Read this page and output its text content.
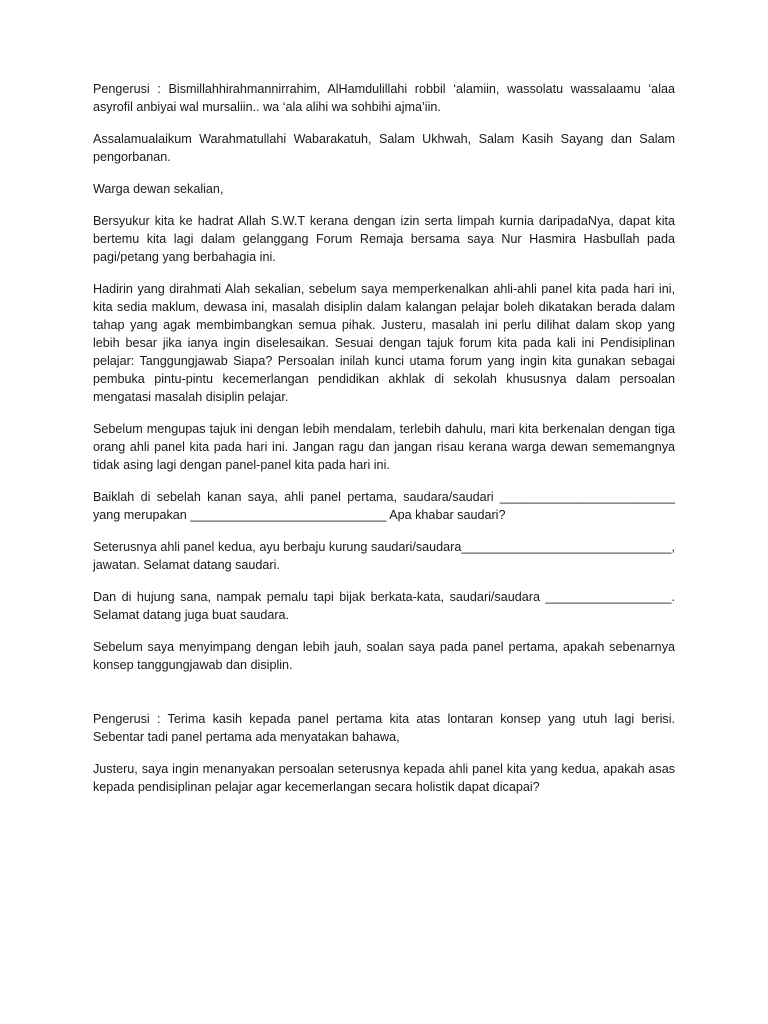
Pengerusi : Bismillahhirahmannirrahim, AlHamdulillahi robbil ‘alamiin, wassolatu wassalaamu ‘alaa asyrofil anbiyai wal mursaliin.. wa ‘ala alihi wa sohbihi ajma’iin.

Assalamualaikum Warahmatullahi Wabarakatuh, Salam Ukhwah, Salam Kasih Sayang dan Salam pengorbanan.

Warga dewan sekalian,

Bersyukur kita ke hadrat Allah S.W.T kerana dengan izin serta limpah kurnia daripadaNya, dapat kita bertemu kita lagi dalam gelanggang Forum Remaja bersama saya Nur Hasmira Hasbullah pada pagi/petang yang berbahagia ini.

Hadirin yang dirahmati Alah sekalian, sebelum saya memperkenalkan ahli-ahli panel kita pada hari ini, kita sedia maklum, dewasa ini, masalah disiplin dalam kalangan pelajar boleh dikatakan berada dalam tahap yang agak membimbangkan semua pihak. Justeru, masalah ini perlu dilihat dalam skop yang lebih besar jika ianya ingin diselesaikan. Sesuai dengan tajuk forum kita pada kali ini Pendisiplinan pelajar: Tanggungjawab Siapa? Persoalan inilah kunci utama forum yang ingin kita gunakan sebagai pembuka pintu-pintu kecemerlangan pendidikan akhlak di sekolah khususnya dalam persoalan mengatasi masalah disiplin pelajar.

Sebelum mengupas tajuk ini dengan lebih mendalam, terlebih dahulu, mari kita berkenalan dengan tiga orang ahli panel kita pada hari ini. Jangan ragu dan jangan risau kerana warga dewan sememangnya tidak asing lagi dengan panel-panel kita pada hari ini.

Baiklah di sebelah kanan saya, ahli panel pertama, saudara/saudari _________________________ yang merupakan ____________________________ Apa khabar saudari?

Seterusnya ahli panel kedua, ayu berbaju kurung saudari/saudara______________________________, jawatan. Selamat datang saudari.

Dan di hujung sana, nampak pemalu tapi bijak berkata-kata, saudari/saudara __________________. Selamat datang juga buat saudara.

Sebelum saya menyimpang dengan lebih jauh, soalan saya pada panel pertama, apakah sebenarnya konsep tanggungjawab dan disiplin.

Pengerusi : Terima kasih kepada panel pertama kita atas lontaran konsep yang utuh lagi berisi. Sebentar tadi panel pertama ada menyatakan bahawa,

Justeru, saya ingin menanyakan persoalan seterusnya kepada ahli panel kita yang kedua, apakah asas kepada pendisiplinan pelajar agar kecemerlangan secara holistik dapat dicapai?
